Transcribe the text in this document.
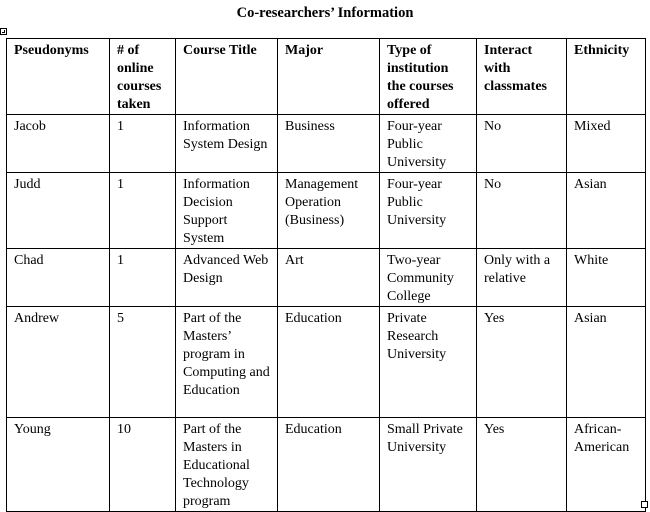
Co-researchers’ Information
Pseudonyms	# of online courses taken	Course Title	Major	Type of institution the courses offered	Interact with classmates	Ethnicity
Jacob	1	Information System Design	Business	Four-year Public University	No	Mixed
Judd	1	Information Decision Support System	Management Operation (Business)	Four-year Public University	No	Asian
Chad	1	Advanced Web Design	Art	Two-year Community College	Only with a relative	White
Andrew	5	Part of the Masters’ program in Computing and Education	Education	Private Research University	Yes	Asian
Young	10	Part of the Masters in Educational Technology program	Education	Small Private University	Yes	African-American
